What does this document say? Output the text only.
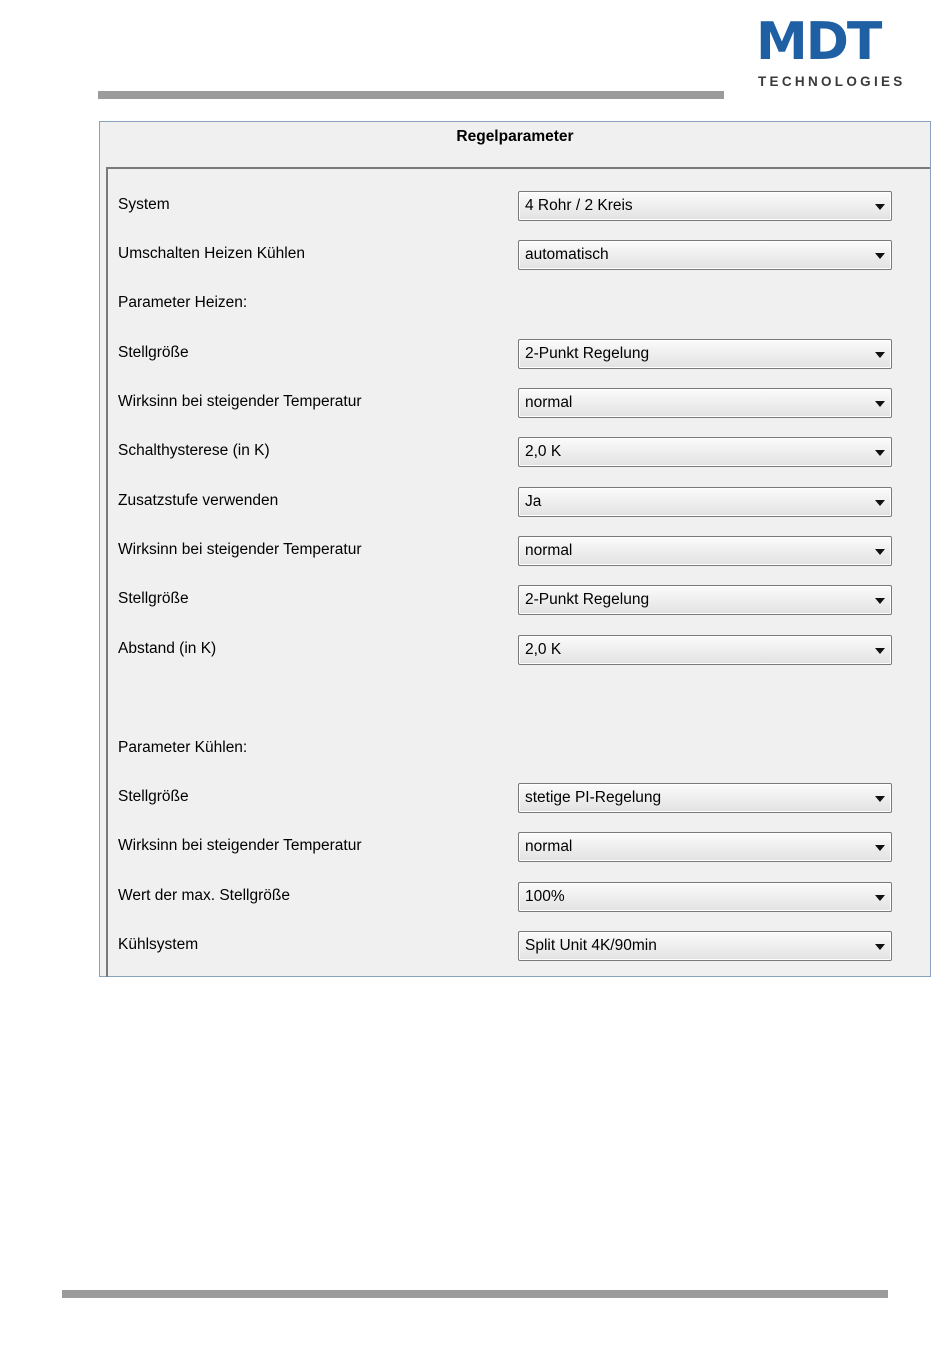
MDT
TECHNOLOGIES
Regelparameter
System	4 Rohr / 2 Kreis
Umschalten Heizen Kühlen	automatisch
Parameter Heizen:
Stellgröße	2-Punkt Regelung
Wirksinn bei steigender Temperatur	normal
Schalthysterese (in K)	2,0 K
Zusatzstufe verwenden	Ja
Wirksinn bei steigender Temperatur	normal
Stellgröße	2-Punkt Regelung
Abstand (in K)	2,0 K
Parameter Kühlen:
Stellgröße	stetige PI-Regelung
Wirksinn bei steigender Temperatur	normal
Wert der max. Stellgröße	100%
Kühlsystem	Split Unit 4K/90min
